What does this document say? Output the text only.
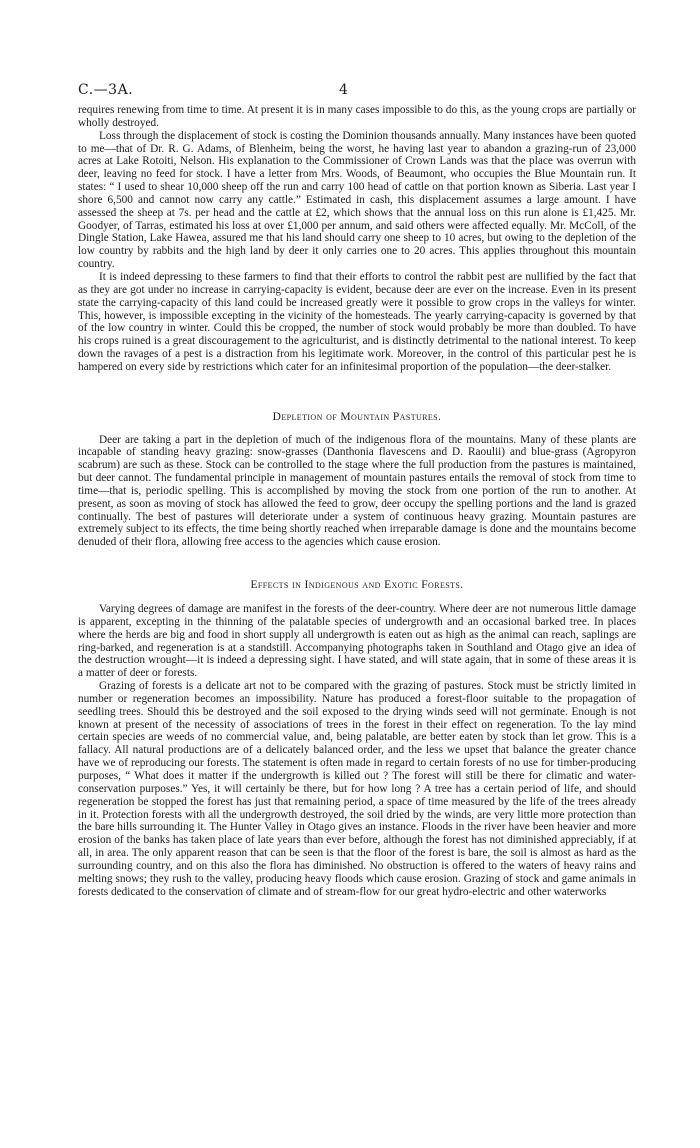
C.—3A.	4

requires renewing from time to time. At present it is in many cases impossible to do this, as the young crops are partially or wholly destroyed.

Loss through the displacement of stock is costing the Dominion thousands annually. Many instances have been quoted to me—that of Dr. R. G. Adams, of Blenheim, being the worst, he having last year to abandon a grazing-run of 23,000 acres at Lake Rotoiti, Nelson. His explanation to the Commissioner of Crown Lands was that the place was overrun with deer, leaving no feed for stock. I have a letter from Mrs. Woods, of Beaumont, who occupies the Blue Mountain run. It states: “ I used to shear 10,000 sheep off the run and carry 100 head of cattle on that portion known as Siberia. Last year I shore 6,500 and cannot now carry any cattle.” Estimated in cash, this displacement assumes a large amount. I have assessed the sheep at 7s. per head and the cattle at £2, which shows that the annual loss on this run alone is £1,425. Mr. Goodyer, of Tarras, estimated his loss at over £1,000 per annum, and said others were affected equally. Mr. McColl, of the Dingle Station, Lake Hawea, assured me that his land should carry one sheep to 10 acres, but owing to the depletion of the low country by rabbits and the high land by deer it only carries one to 20 acres. This applies throughout this mountain country.

It is indeed depressing to these farmers to find that their efforts to control the rabbit pest are nullified by the fact that as they are got under no increase in carrying-capacity is evident, because deer are ever on the increase. Even in its present state the carrying-capacity of this land could be increased greatly were it possible to grow crops in the valleys for winter. This, however, is impossible excepting in the vicinity of the homesteads. The yearly carrying-capacity is governed by that of the low country in winter. Could this be cropped, the number of stock would probably be more than doubled. To have his crops ruined is a great discouragement to the agriculturist, and is distinctly detrimental to the national interest. To keep down the ravages of a pest is a distraction from his legitimate work. Moreover, in the control of this particular pest he is hampered on every side by restrictions which cater for an infinitesimal proportion of the population—the deer-stalker.

Depletion of Mountain Pastures.

Deer are taking a part in the depletion of much of the indigenous flora of the mountains. Many of these plants are incapable of standing heavy grazing: snow-grasses (Danthonia flavescens and D. Raoulii) and blue-grass (Agropyron scabrum) are such as these. Stock can be controlled to the stage where the full production from the pastures is maintained, but deer cannot. The fundamental principle in management of mountain pastures entails the removal of stock from time to time—that is, periodic spelling. This is accomplished by moving the stock from one portion of the run to another. At present, as soon as moving of stock has allowed the feed to grow, deer occupy the spelling portions and the land is grazed continually. The best of pastures will deteriorate under a system of continuous heavy grazing. Mountain pastures are extremely subject to its effects, the time being shortly reached when irreparable damage is done and the mountains become denuded of their flora, allowing free access to the agencies which cause erosion.

Effects in Indigenous and Exotic Forests.

Varying degrees of damage are manifest in the forests of the deer-country. Where deer are not numerous little damage is apparent, excepting in the thinning of the palatable species of undergrowth and an occasional barked tree. In places where the herds are big and food in short supply all undergrowth is eaten out as high as the animal can reach, saplings are ring-barked, and regeneration is at a standstill. Accompanying photographs taken in Southland and Otago give an idea of the destruction wrought—it is indeed a depressing sight. I have stated, and will state again, that in some of these areas it is a matter of deer or forests.

Grazing of forests is a delicate art not to be compared with the grazing of pastures. Stock must be strictly limited in number or regeneration becomes an impossibility. Nature has produced a forest-floor suitable to the propagation of seedling trees. Should this be destroyed and the soil exposed to the drying winds seed will not germinate. Enough is not known at present of the necessity of associations of trees in the forest in their effect on regeneration. To the lay mind certain species are weeds of no commercial value, and, being palatable, are better eaten by stock than let grow. This is a fallacy. All natural productions are of a delicately balanced order, and the less we upset that balance the greater chance have we of reproducing our forests. The statement is often made in regard to certain forests of no use for timber-producing purposes, “ What does it matter if the undergrowth is killed out ? The forest will still be there for climatic and water-conservation purposes.” Yes, it will certainly be there, but for how long ? A tree has a certain period of life, and should regeneration be stopped the forest has just that remaining period, a space of time measured by the life of the trees already in it. Protection forests with all the undergrowth destroyed, the soil dried by the winds, are very little more protection than the bare hills surrounding it. The Hunter Valley in Otago gives an instance. Floods in the river have been heavier and more erosion of the banks has taken place of late years than ever before, although the forest has not diminished appreciably, if at all, in area. The only apparent reason that can be seen is that the floor of the forest is bare, the soil is almost as hard as the surrounding country, and on this also the flora has diminished. No obstruction is offered to the waters of heavy rains and melting snows; they rush to the valley, producing heavy floods which cause erosion. Grazing of stock and game animals in forests dedicated to the conservation of climate and of stream-flow for our great hydro-electric and other waterworks
